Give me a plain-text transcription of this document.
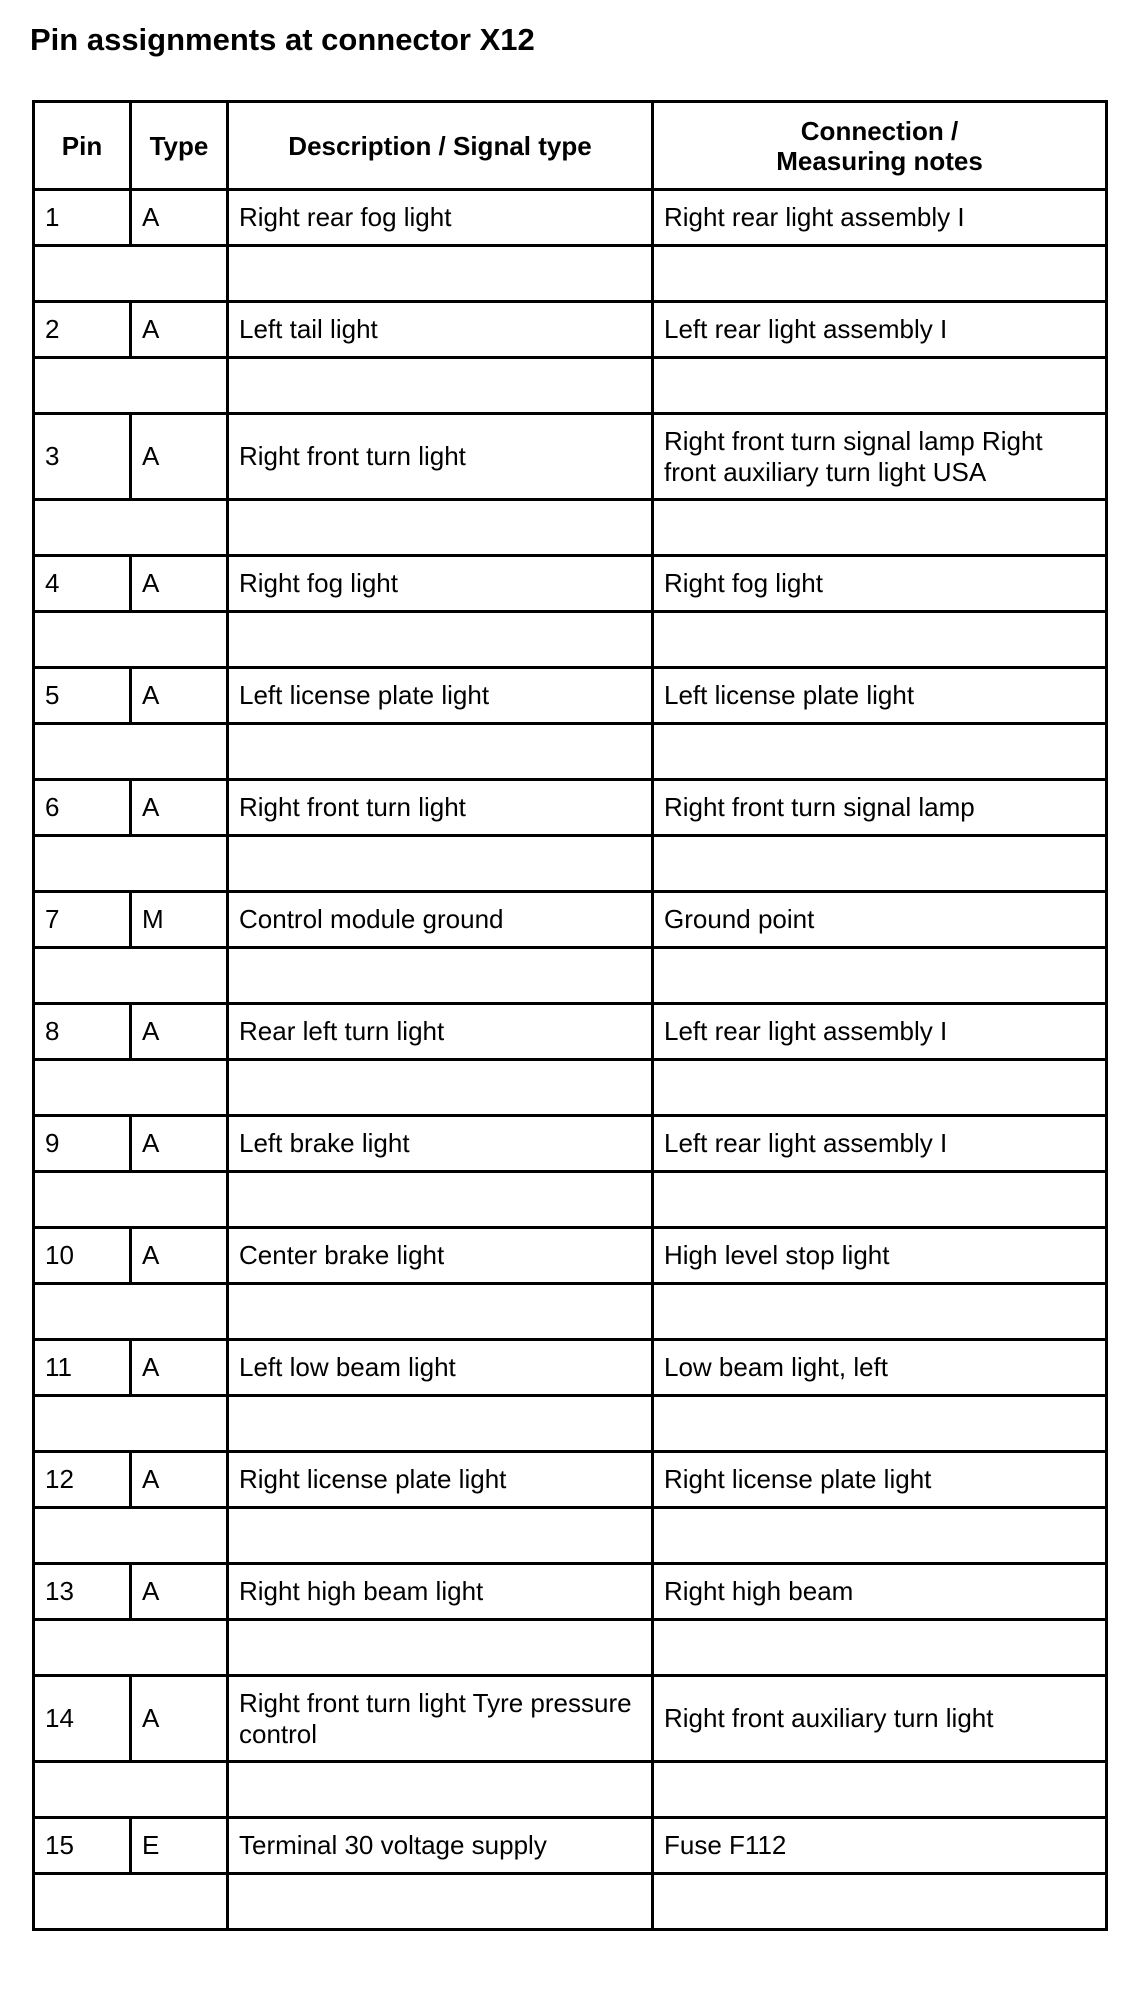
Pin assignments at connector X12
Pin	Type	Description / Signal type	Connection /
Measuring notes
1	A	Right rear fog light	Right rear light assembly I

2	A	Left tail light	Left rear light assembly I

3	A	Right front turn light	Right front turn signal lamp Right front auxiliary turn light USA

4	A	Right fog light	Right fog light

5	A	Left license plate light	Left license plate light

6	A	Right front turn light	Right front turn signal lamp

7	M	Control module ground	Ground point

8	A	Rear left turn light	Left rear light assembly I

9	A	Left brake light	Left rear light assembly I

10	A	Center brake light	High level stop light

11	A	Left low beam light	Low beam light, left

12	A	Right license plate light	Right license plate light

13	A	Right high beam light	Right high beam

14	A	Right front turn light Tyre pressure control	Right front auxiliary turn light

15	E	Terminal 30 voltage supply	Fuse F112
